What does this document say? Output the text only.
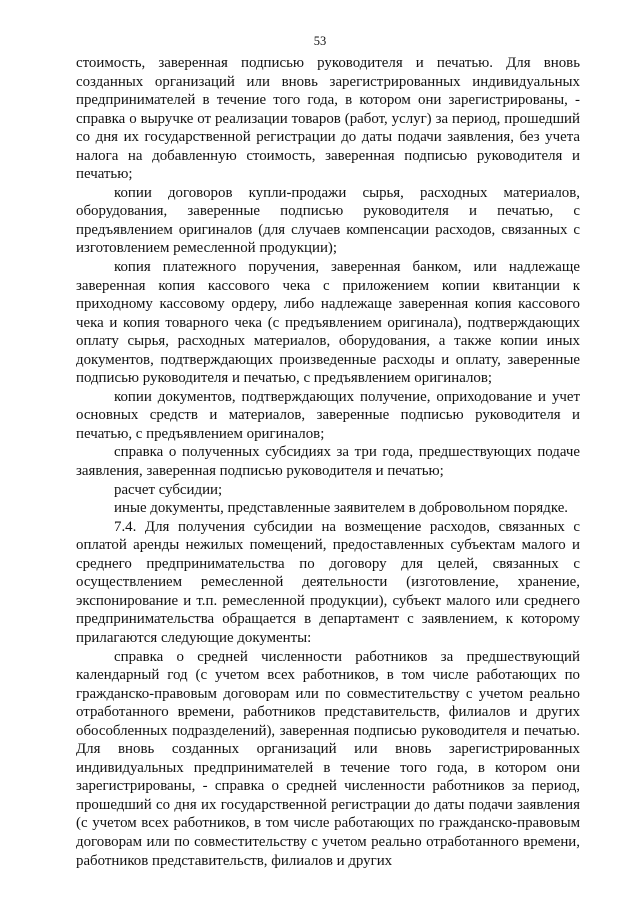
53

стоимость, заверенная подписью руководителя и печатью. Для вновь созданных организаций или вновь зарегистрированных индивидуальных предпринимателей в течение того года, в котором они зарегистрированы, - справка о выручке от реализации товаров (работ, услуг) за период, прошедший со дня их государственной регистрации до даты подачи заявления, без учета налога на добавленную стоимость, заверенная подписью руководителя и печатью;

копии договоров купли-продажи сырья, расходных материалов, оборудования, заверенные подписью руководителя и печатью, с предъявлением оригиналов (для случаев компенсации расходов, связанных с изготовлением ремесленной продукции);

копия платежного поручения, заверенная банком, или надлежаще заверенная копия кассового чека с приложением копии квитанции к приходному кассовому ордеру, либо надлежаще заверенная копия кассового чека и копия товарного чека (с предъявлением оригинала), подтверждающих оплату сырья, расходных материалов, оборудования, а также копии иных документов, подтверждающих произведенные расходы и оплату, заверенные подписью руководителя и печатью, с предъявлением оригиналов;

копии документов, подтверждающих получение, оприходование и учет основных средств и материалов, заверенные подписью руководителя и печатью, с предъявлением оригиналов;

справка о полученных субсидиях за три года, предшествующих подаче заявления, заверенная подписью руководителя и печатью;

расчет субсидии;

иные документы, представленные заявителем в добровольном порядке.

7.4. Для получения субсидии на возмещение расходов, связанных с оплатой аренды нежилых помещений, предоставленных субъектам малого и среднего предпринимательства по договору для целей, связанных с осуществлением ремесленной деятельности (изготовление, хранение, экспонирование и т.п. ремесленной продукции), субъект малого или среднего предпринимательства обращается в департамент с заявлением, к которому прилагаются следующие документы:

справка о средней численности работников за предшествующий календарный год (с учетом всех работников, в том числе работающих по гражданско-правовым договорам или по совместительству с учетом реально отработанного времени, работников представительств, филиалов и других обособленных подразделений), заверенная подписью руководителя и печатью. Для вновь созданных организаций или вновь зарегистрированных индивидуальных предпринимателей в течение того года, в котором они зарегистрированы, - справка о средней численности работников за период, прошедший со дня их государственной регистрации до даты подачи заявления (с учетом всех работников, в том числе работающих по гражданско-правовым договорам или по совместительству с учетом реально отработанного времени, работников представительств, филиалов и других
